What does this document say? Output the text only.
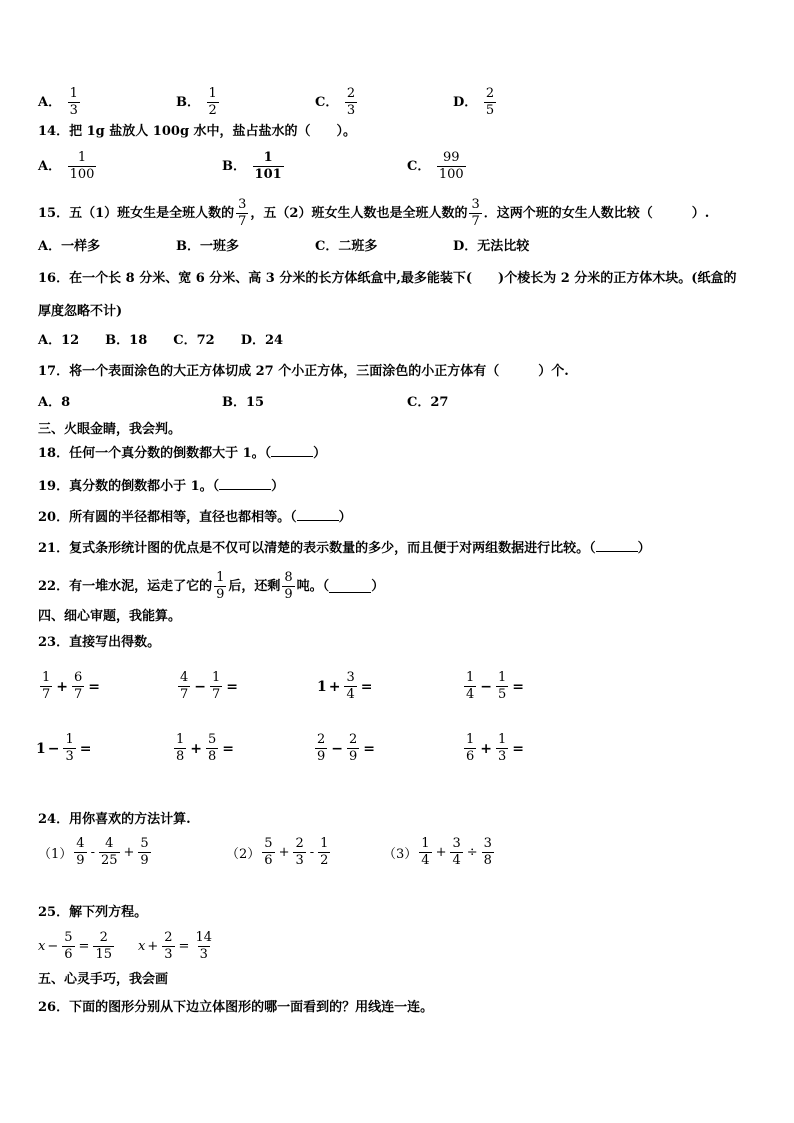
A． $\frac{1}{3}$	B． $\frac{1}{2}$	C． $\frac{2}{3}$	D． $\frac{2}{5}$
14．把 1g 盐放人 100g 水中，盐占盐水的（　　）。
A． $\frac{1}{100}$	B． $\frac{1}{101}$	C． $\frac{99}{100}$
15．五（1）班女生是全班人数的 $\frac{3}{7}$ ，五（2）班女生人数也是全班人数的 $\frac{3}{7}$ ．这两个班的女生人数比较（　　　）.
A．一样多	B．一班多	C．二班多	D．无法比较
16．在一个长 8 分米、宽 6 分米、高 3 分米的长方体纸盒中,最多能装下(　　)个棱长为 2 分米的正方体木块。(纸盒的
厚度忽略不计)
A．12　　B．18　　C．72　　D．24
17．将一个表面涂色的大正方体切成 27 个小正方体，三面涂色的小正方体有（　　　）个.
A．8	B．15	C．27
三、火眼金睛，我会判。
18．任何一个真分数的倒数都大于 1。（	）
19．真分数的倒数都小于 1。（	）
20．所有圆的半径都相等，直径也都相等。（	）
21．复式条形统计图的优点是不仅可以清楚的表示数量的多少，而且便于对两组数据进行比较。（	）
22．有一堆水泥，运走了它的 $\frac{1}{9}$ 后，还剩 $\frac{8}{9}$ 吨。（	）
四、细心审题，我能算。
23．直接写出得数。
$\frac{1}{7} + \frac{6}{7}$ =	$\frac{4}{7} - \frac{1}{7}$ =	$1 + \frac{3}{4}$ =	$\frac{1}{4} - \frac{1}{5}$ =
$1 - \frac{1}{3}$ =	$\frac{1}{8} + \frac{5}{8}$ =	$\frac{2}{9} - \frac{2}{9}$ =	$\frac{1}{6} + \frac{1}{3}$ =
24．用你喜欢的方法计算.
$(1) \frac{4}{9} - \frac{4}{25} + \frac{5}{9}$	$(2) \frac{5}{6} + \frac{2}{3} - \frac{1}{2}$	$(3) \frac{1}{4} + \frac{3}{4} \div \frac{3}{8}$
25．解下列方程。
$x - \frac{5}{6} = \frac{2}{15}$ $x + \frac{2}{3} = \frac{14}{3}$
五、心灵手巧，我会画
26．下面的图形分别从下边立体图形的哪一面看到的？用线连一连。
